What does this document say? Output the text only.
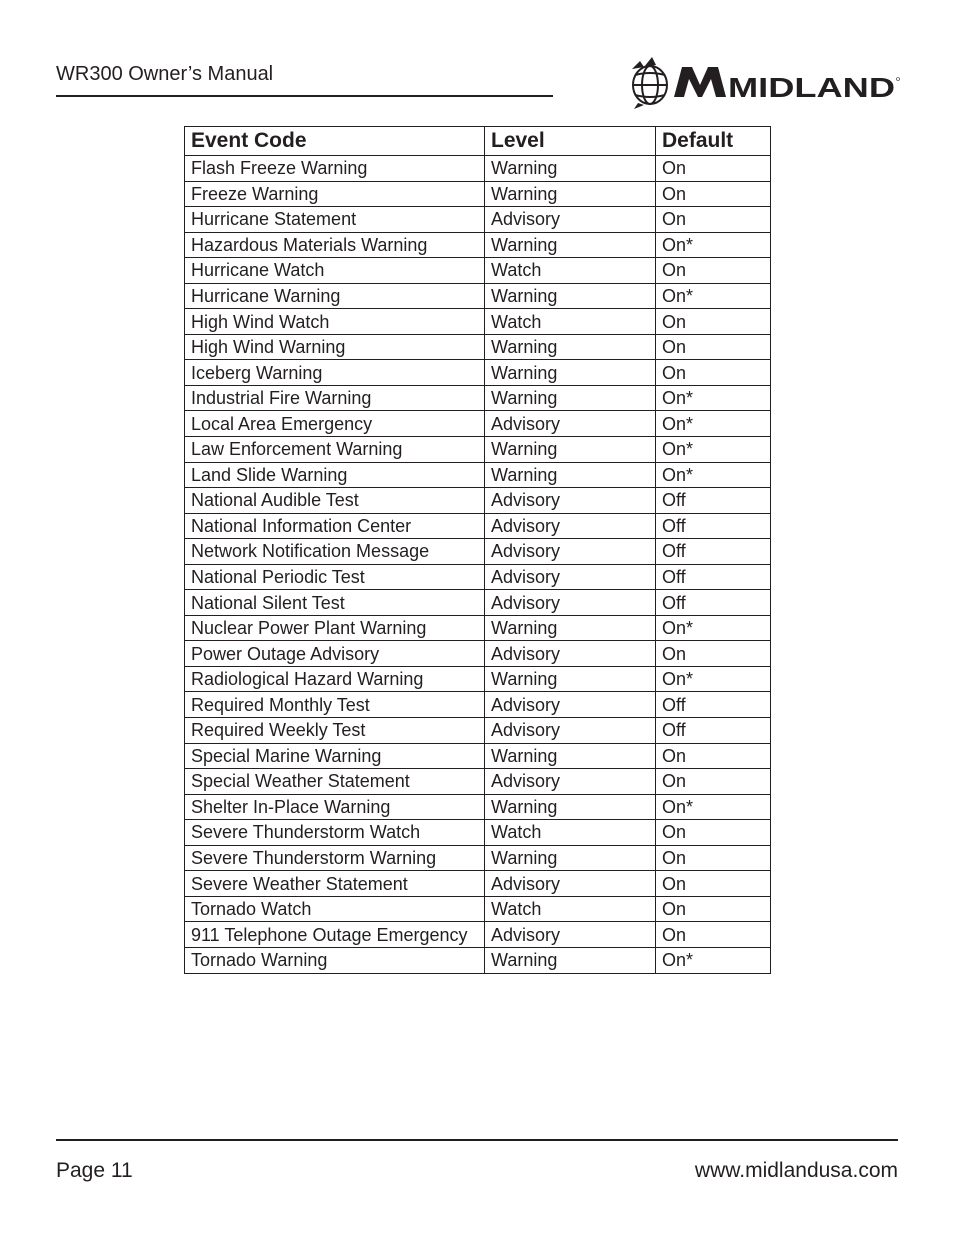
WR300 Owner’s Manual	MIDLAND
Event Code	Level	Default
Flash Freeze Warning	Warning	On
Freeze Warning	Warning	On
Hurricane Statement	Advisory	On
Hazardous Materials Warning	Warning	On*
Hurricane Watch	Watch	On
Hurricane Warning	Warning	On*
High Wind Watch	Watch	On
High Wind Warning	Warning	On
Iceberg Warning	Warning	On
Industrial Fire Warning	Warning	On*
Local Area Emergency	Advisory	On*
Law Enforcement Warning	Warning	On*
Land Slide Warning	Warning	On*
National Audible Test	Advisory	Off
National Information Center	Advisory	Off
Network Notification Message	Advisory	Off
National Periodic Test	Advisory	Off
National Silent Test	Advisory	Off
Nuclear Power Plant Warning	Warning	On*
Power Outage Advisory	Advisory	On
Radiological Hazard Warning	Warning	On*
Required Monthly Test	Advisory	Off
Required Weekly Test	Advisory	Off
Special Marine Warning	Warning	On
Special Weather Statement	Advisory	On
Shelter In-Place Warning	Warning	On*
Severe Thunderstorm Watch	Watch	On
Severe Thunderstorm Warning	Warning	On
Severe Weather Statement	Advisory	On
Tornado Watch	Watch	On
911 Telephone Outage Emergency	Advisory	On
Tornado Warning	Warning	On*
Page 11	www.midlandusa.com
